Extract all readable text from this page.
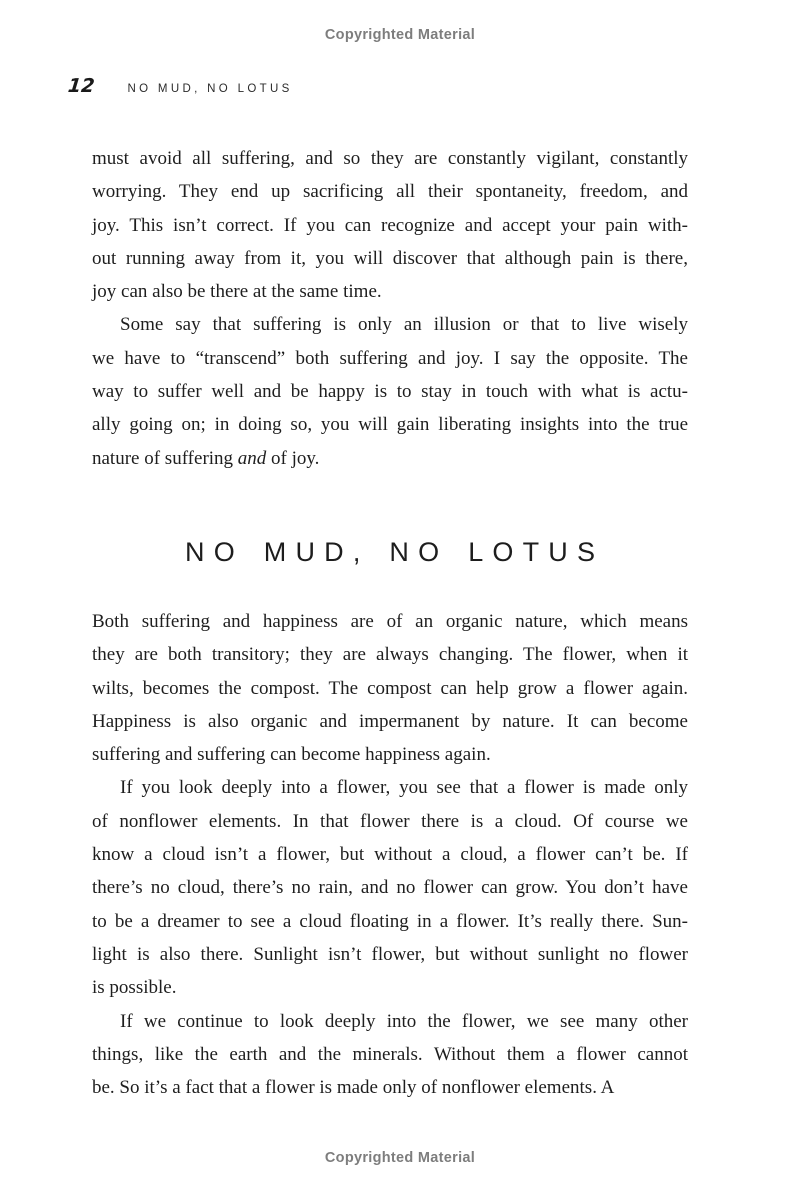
Copyrighted Material
12	NO MUD, NO LOTUS
must avoid all suffering, and so they are constantly vigilant, constantly
worrying. They end up sacrificing all their spontaneity, freedom, and
joy. This isn’t correct. If you can recognize and accept your pain with-
out running away from it, you will discover that although pain is there,
joy can also be there at the same time.
Some say that suffering is only an illusion or that to live wisely
we have to “transcend” both suffering and joy. I say the opposite. The
way to suffer well and be happy is to stay in touch with what is actu-
ally going on; in doing so, you will gain liberating insights into the true
nature of suffering and of joy.
NO MUD, NO LOTUS
Both suffering and happiness are of an organic nature, which means
they are both transitory; they are always changing. The flower, when it
wilts, becomes the compost. The compost can help grow a flower again.
Happiness is also organic and impermanent by nature. It can become
suffering and suffering can become happiness again.
If you look deeply into a flower, you see that a flower is made only
of nonflower elements. In that flower there is a cloud. Of course we
know a cloud isn’t a flower, but without a cloud, a flower can’t be. If
there’s no cloud, there’s no rain, and no flower can grow. You don’t have
to be a dreamer to see a cloud floating in a flower. It’s really there. Sun-
light is also there. Sunlight isn’t flower, but without sunlight no flower
is possible.
If we continue to look deeply into the flower, we see many other
things, like the earth and the minerals. Without them a flower cannot
be. So it’s a fact that a flower is made only of nonflower elements. A
Copyrighted Material
